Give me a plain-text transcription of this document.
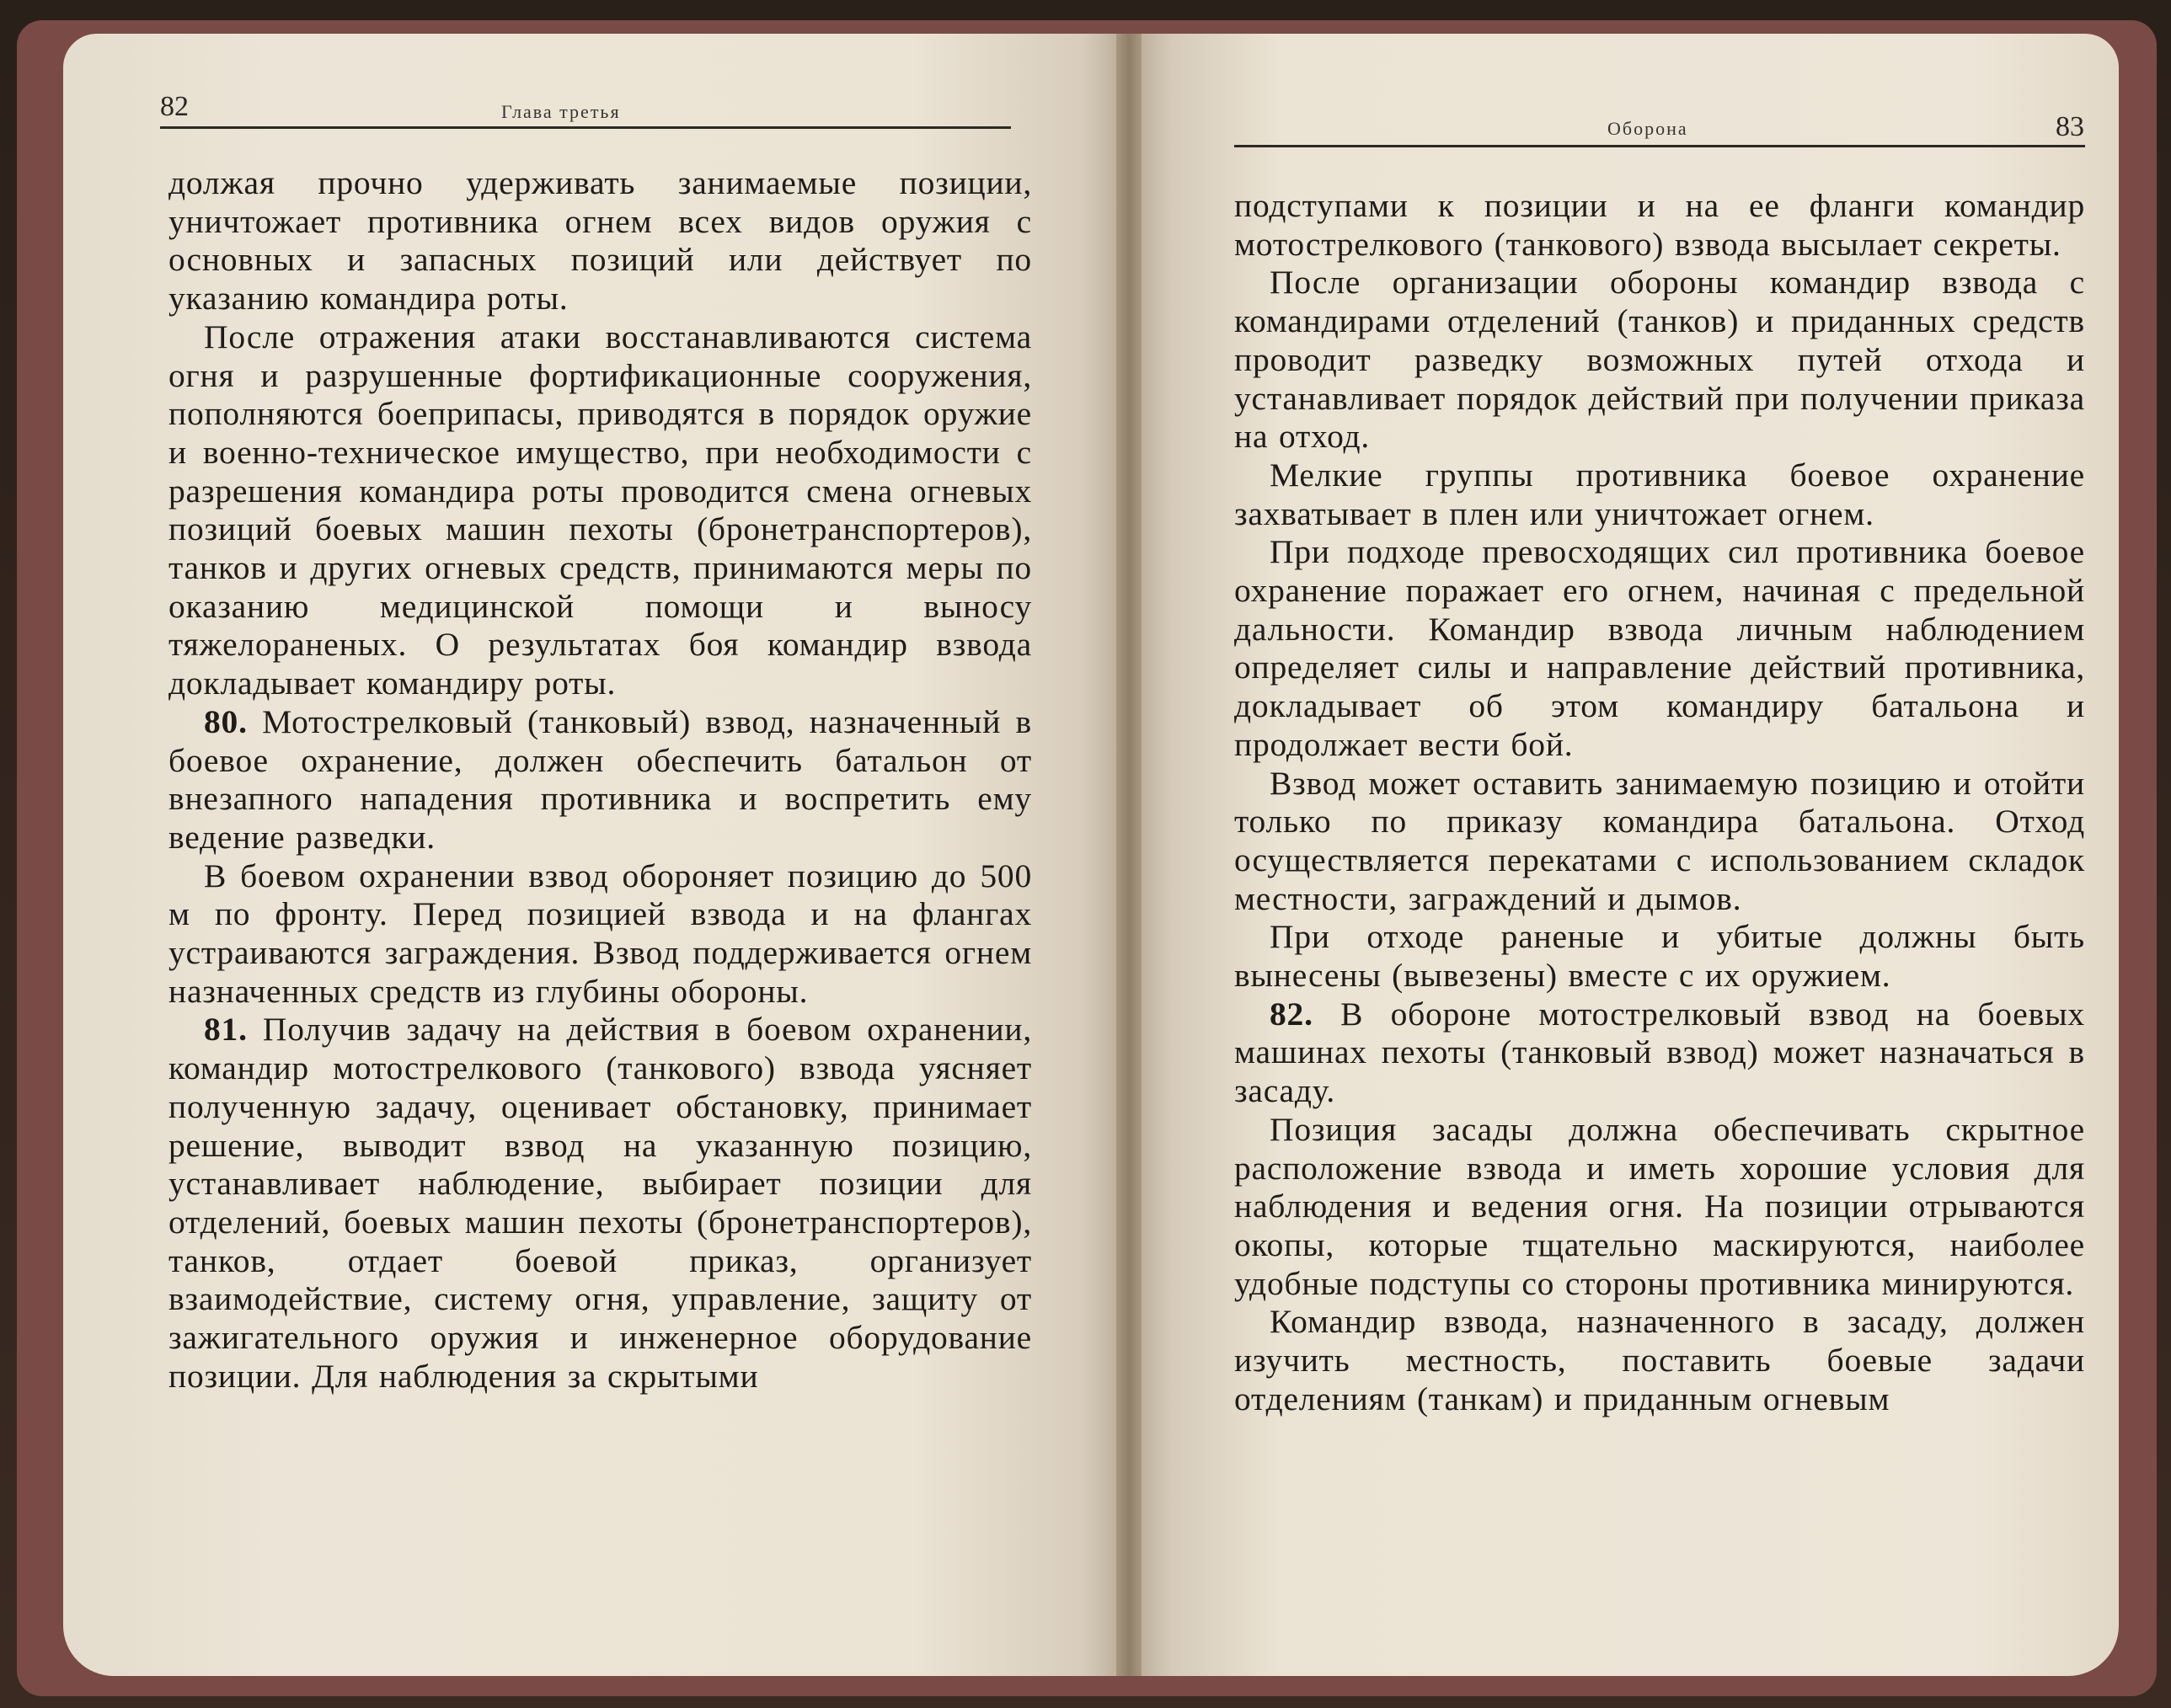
82	Глава третья
Оборона	83

должая прочно удерживать занимаемые позиции, уничтожает противника огнем всех видов оружия с основных и запасных позиций или действует по указанию командира роты.

После отражения атаки восстанавливаются система огня и разрушенные фортификационные сооружения, пополняются боеприпасы, приводятся в порядок оружие и военно-техническое имущество, при необходимости с разрешения командира роты проводится смена огневых позиций боевых машин пехоты (бронетранспортеров), танков и других огневых средств, принимаются меры по оказанию медицинской помощи и выносу тяжелораненых. О результатах боя командир взвода докладывает командиру роты.

80. Мотострелковый (танковый) взвод, назначенный в боевое охранение, должен обеспечить батальон от внезапного нападения противника и воспретить ему ведение разведки.

В боевом охранении взвод обороняет позицию до 500 м по фронту. Перед позицией взвода и на флангах устраиваются заграждения. Взвод поддерживается огнем назначенных средств из глубины обороны.

81. Получив задачу на действия в боевом охранении, командир мотострелкового (танкового) взвода уясняет полученную задачу, оценивает обстановку, принимает решение, выводит взвод на указанную позицию, устанавливает наблюдение, выбирает позиции для отделений, боевых машин пехоты (бронетранспортеров), танков, отдает боевой приказ, организует взаимодействие, систему огня, управление, защиту от зажигательного оружия и инженерное оборудование позиции. Для наблюдения за скрытыми

подступами к позиции и на ее фланги командир мотострелкового (танкового) взвода высылает секреты.

После организации обороны командир взвода с командирами отделений (танков) и приданных средств проводит разведку возможных путей отхода и устанавливает порядок действий при получении приказа на отход.

Мелкие группы противника боевое охранение захватывает в плен или уничтожает огнем.

При подходе превосходящих сил противника боевое охранение поражает его огнем, начиная с предельной дальности. Командир взвода личным наблюдением определяет силы и направление действий противника, докладывает об этом командиру батальона и продолжает вести бой.

Взвод может оставить занимаемую позицию и отойти только по приказу командира батальона. Отход осуществляется перекатами с использованием складок местности, заграждений и дымов.

При отходе раненые и убитые должны быть вынесены (вывезены) вместе с их оружием.

82. В обороне мотострелковый взвод на боевых машинах пехоты (танковый взвод) может назначаться в засаду.

Позиция засады должна обеспечивать скрытное расположение взвода и иметь хорошие условия для наблюдения и ведения огня. На позиции отрываются окопы, которые тщательно маскируются, наиболее удобные подступы со стороны противника минируются.

Командир взвода, назначенного в засаду, должен изучить местность, поставить боевые задачи отделениям (танкам) и приданным огневым
